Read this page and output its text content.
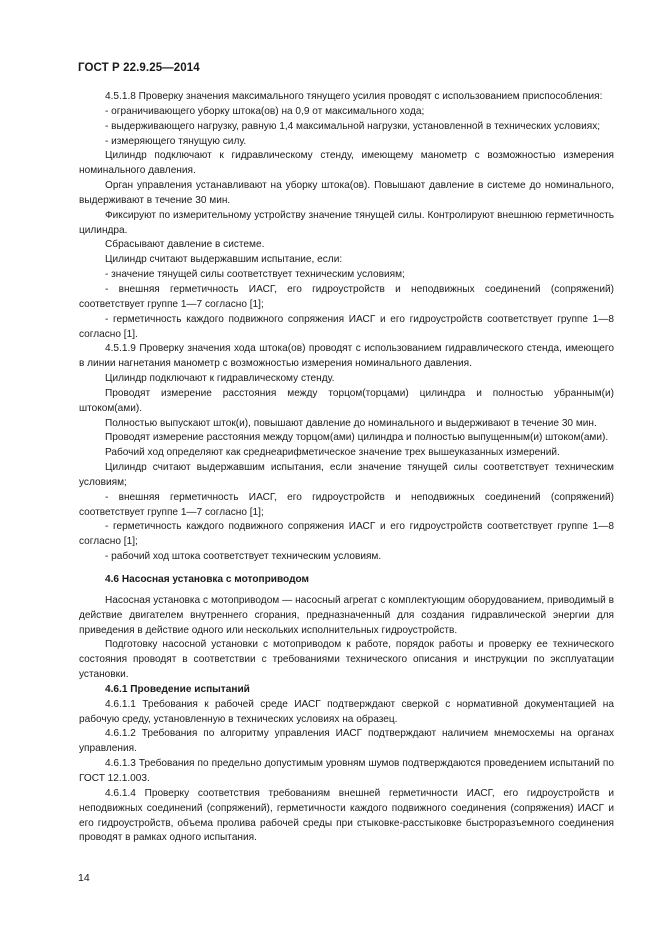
ГОСТ Р 22.9.25—2014

4.5.1.8 Проверку значения максимального тянущего усилия проводят с использованием приспособления:

- ограничивающего уборку штока(ов) на 0,9 от максимального хода;

- выдерживающего нагрузку, равную 1,4 максимальной нагрузки, установленной в технических условиях;

- измеряющего тянущую силу.

Цилиндр подключают к гидравлическому стенду, имеющему манометр с возможностью измерения номинального давления.

Орган управления устанавливают на уборку штока(ов). Повышают давление в системе до номинального, выдерживают в течение 30 мин.

Фиксируют по измерительному устройству значение тянущей силы. Контролируют внешнюю герметичность цилиндра.

Сбрасывают давление в системе.

Цилиндр считают выдержавшим испытание, если:

- значение тянущей силы соответствует техническим условиям;

- внешняя герметичность ИАСГ, его гидроустройств и неподвижных соединений (сопряжений) соответствует группе 1—7 согласно [1];

- герметичность каждого подвижного сопряжения ИАСГ и его гидроустройств соответствует группе 1—8 согласно [1].

4.5.1.9 Проверку значения хода штока(ов) проводят с использованием гидравлического стенда, имеющего в линии нагнетания манометр с возможностью измерения номинального давления.

Цилиндр подключают к гидравлическому стенду.

Проводят измерение расстояния между торцом(торцами) цилиндра и полностью убранным(и) штоком(ами).

Полностью выпускают шток(и), повышают давление до номинального и выдерживают в течение 30 мин.

Проводят измерение расстояния между торцом(ами) цилиндра и полностью выпущенным(и) штоком(ами).

Рабочий ход определяют как среднеарифметическое значение трех вышеуказанных измерений.

Цилиндр считают выдержавшим испытания, если значение тянущей силы соответствует техническим условиям;

- внешняя герметичность ИАСГ, его гидроустройств и неподвижных соединений (сопряжений) соответствует группе 1—7 согласно [1];

- герметичность каждого подвижного сопряжения ИАСГ и его гидроустройств соответствует группе 1—8 согласно [1];

- рабочий ход штока соответствует техническим условиям.

4.6 Насосная установка с мотоприводом

Насосная установка с мотоприводом — насосный агрегат с комплектующим оборудованием, приводимый в действие двигателем внутреннего сгорания, предназначенный для создания гидравлической энергии для приведения в действие одного или нескольких исполнительных гидроустройств.

Подготовку насосной установки с мотоприводом к работе, порядок работы и проверку ее технического состояния проводят в соответствии с требованиями технического описания и инструкции по эксплуатации установки.

4.6.1 Проведение испытаний

4.6.1.1 Требования к рабочей среде ИАСГ подтверждают сверкой с нормативной документацией на рабочую среду, установленную в технических условиях на образец.

4.6.1.2 Требования по алгоритму управления ИАСГ подтверждают наличием мнемосхемы на органах управления.

4.6.1.3 Требования по предельно допустимым уровням шумов подтверждаются проведением испытаний по ГОСТ 12.1.003.

4.6.1.4 Проверку соответствия требованиям внешней герметичности ИАСГ, его гидроустройств и неподвижных соединений (сопряжений), герметичности каждого подвижного соединения (сопряжения) ИАСГ и его гидроустройств, объема пролива рабочей среды при стыковке-расстыковке быстроразъемного соединения проводят в рамках одного испытания.

14
